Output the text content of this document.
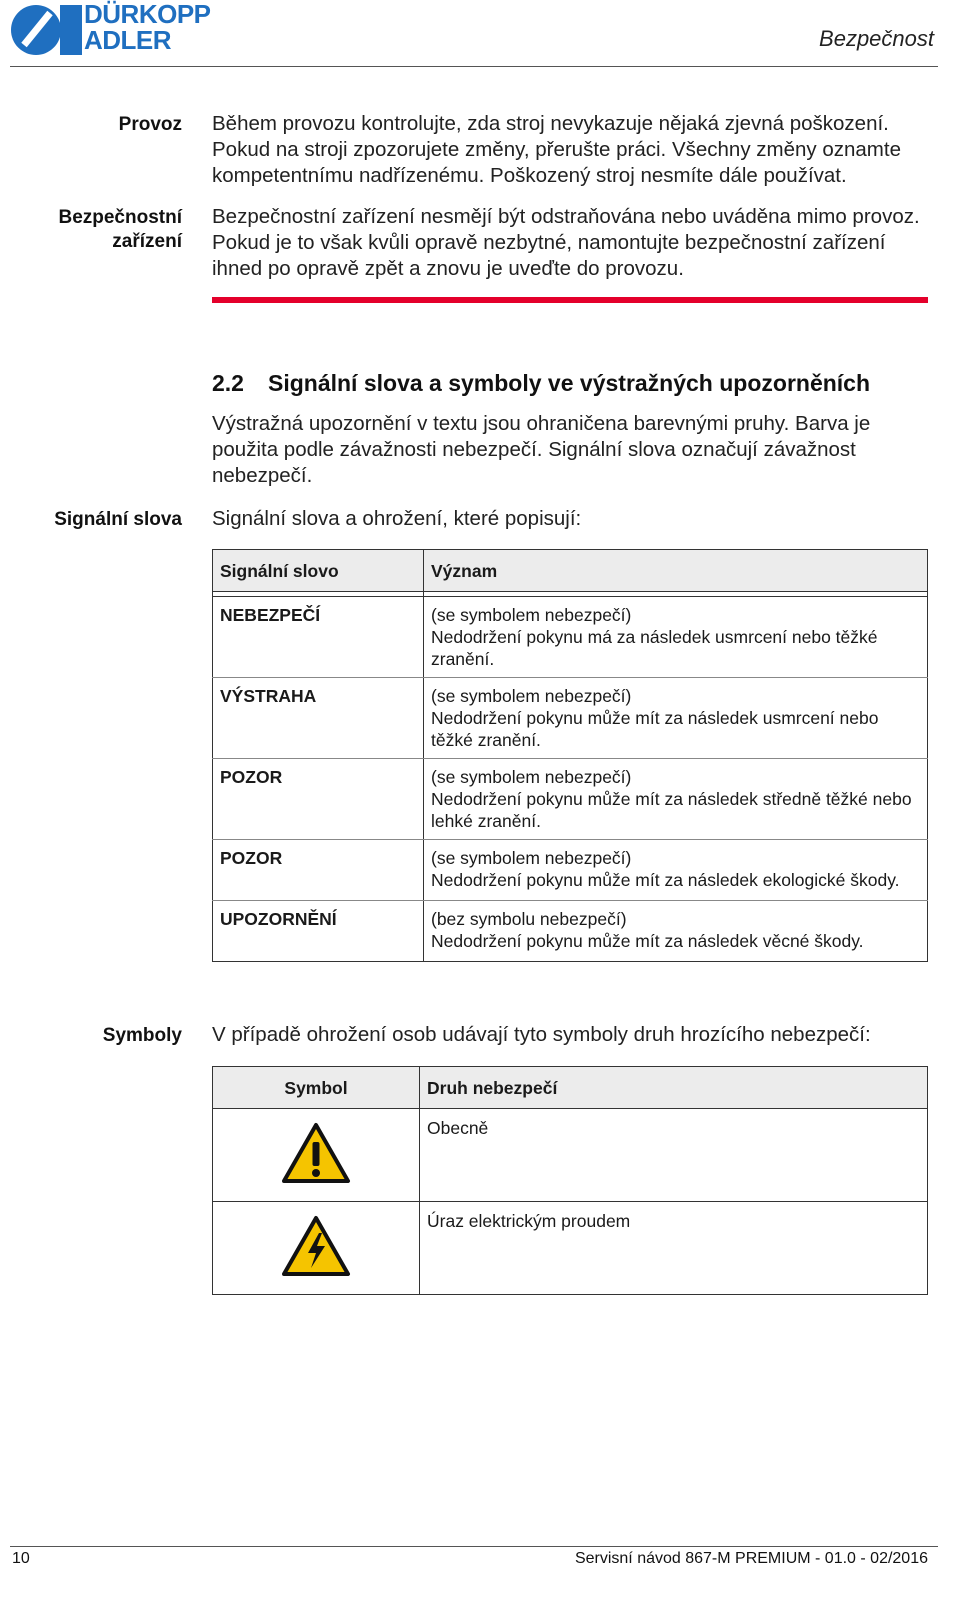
DÜRKOPP
ADLER	Bezpečnost
Provoz Během provozu kontrolujte, zda stroj nevykazuje nějaká zjevná poškození. Pokud na stroji zpozorujete změny, přerušte práci. Všechny změny oznamte kompetentnímu nadřízenému. Poškozený stroj nesmíte dále používat.
Bezpečnostní
zařízení
Bezpečnostní zařízení nesmějí být odstraňována nebo uváděna mimo provoz. Pokud je to však kvůli opravě nezbytné, namontujte bezpečnostní zařízení ihned po opravě zpět a znovu je uveďte do provozu.
2.2 Signální slova a symboly ve výstražných upozorněních
Výstražná upozornění v textu jsou ohraničena barevnými pruhy. Barva je použita podle závažnosti nebezpečí. Signální slova označují závažnost nebezpečí.
Signální slova Signální slova a ohrožení, které popisují:
Signální slovo	Význam

NEBEZPEČÍ	(se symbolem nebezpečí)
Nedodržení pokynu má za následek usmrcení nebo těžké zranění.

VÝSTRAHA	(se symbolem nebezpečí)
Nedodržení pokynu může mít za následek usmrcení nebo těžké zranění.

POZOR	(se symbolem nebezpečí)
Nedodržení pokynu může mít za následek středně těžké nebo lehké zranění.

POZOR	(se symbolem nebezpečí)
Nedodržení pokynu může mít za následek ekologické škody.

UPOZORNĚNÍ	(bez symbolu nebezpečí)
Nedodržení pokynu může mít za následek věcné škody.
Symboly V případě ohrožení osob udávají tyto symboly druh hrozícího nebezpečí:
Symbol	Druh nebezpečí
	Obecně
	Úraz elektrickým proudem
10	Servisní návod 867-M PREMIUM - 01.0 - 02/2016
